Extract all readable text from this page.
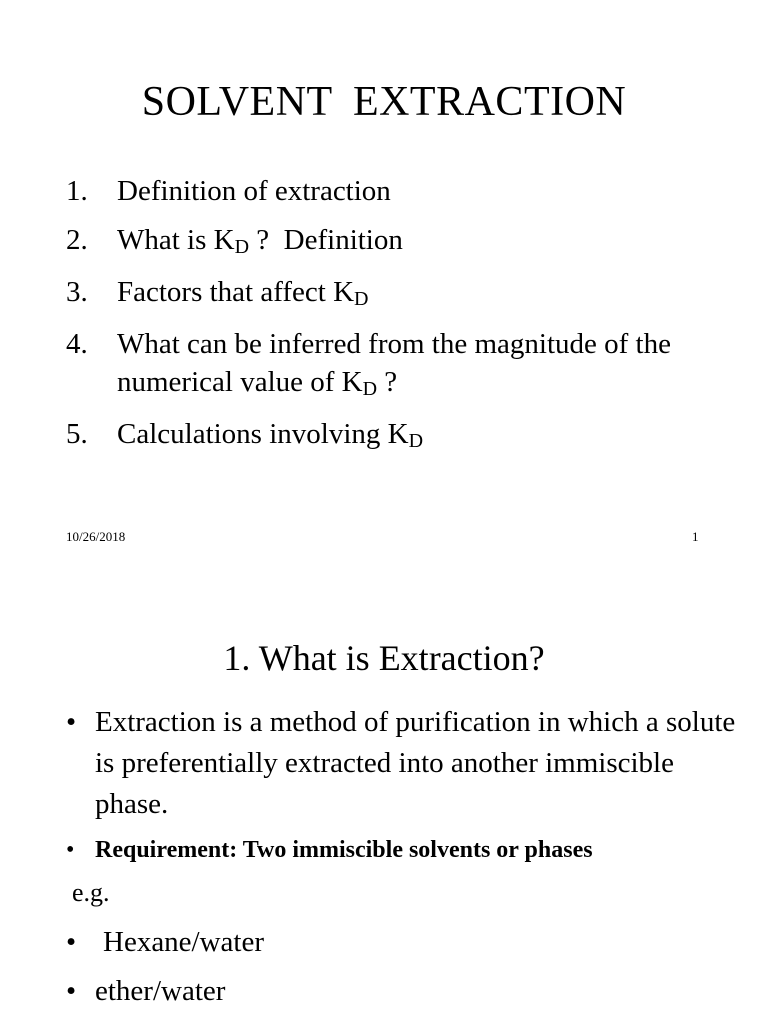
SOLVENT EXTRACTION
1.	Definition of extraction
2.	What is KD ?  Definition
3.	Factors that affect KD
4.	What can be inferred from the magnitude of the numerical value of KD ?
5.	Calculations involving KD
10/26/2018	1
1. What is Extraction?
• Extraction is a method of purification in which a solute is preferentially extracted into another immiscible phase.
• Requirement: Two immiscible solvents or phases
e.g.
• Hexane/water
• ether/water
